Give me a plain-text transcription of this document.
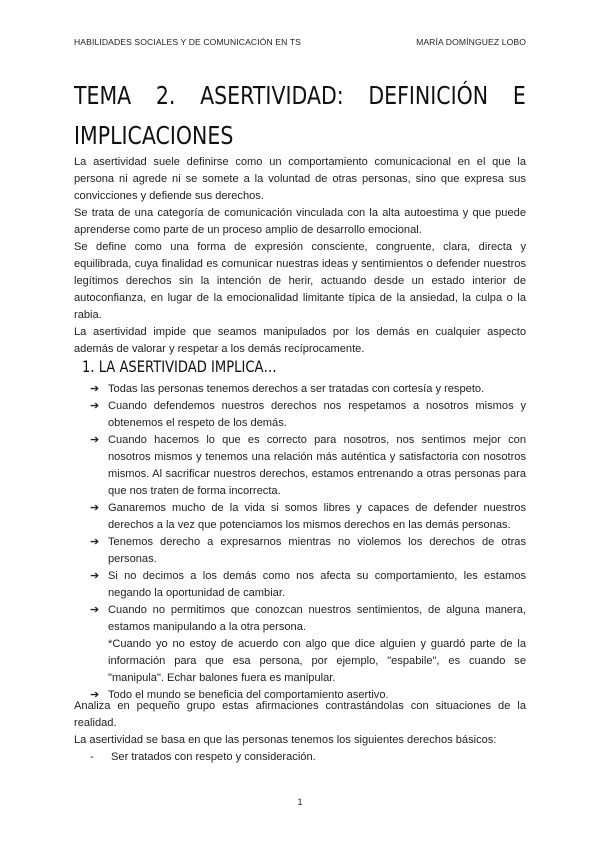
HABILIDADES SOCIALES Y DE COMUNICACIÓN EN TS	MARÍA DOMÍNGUEZ LOBO
TEMA 2. ASERTIVIDAD: DEFINICIÓN E
IMPLICACIONES

La asertividad suele definirse como un comportamiento comunicacional en el que la persona ni agrede ni se somete a la voluntad de otras personas, sino que expresa sus convicciones y defiende sus derechos.

Se trata de una categoría de comunicación vinculada con la alta autoestima y que puede aprenderse como parte de un proceso amplio de desarrollo emocional.

Se define como una forma de expresión consciente, congruente, clara, directa y equilibrada, cuya finalidad es comunicar nuestras ideas y sentimientos o defender nuestros legítimos derechos sin la intención de herir, actuando desde un estado interior de autoconfianza, en lugar de la emocionalidad limitante típica de la ansiedad, la culpa o la rabia.

La asertividad impide que seamos manipulados por los demás en cualquier aspecto además de valorar y respetar a los demás recíprocamente.

1. LA ASERTIVIDAD IMPLICA…
➔ Todas las personas tenemos derechos a ser tratadas con cortesía y respeto.
➔ Cuando defendemos nuestros derechos nos respetamos a nosotros mismos y obtenemos el respeto de los demás.
➔ Cuando hacemos lo que es correcto para nosotros, nos sentimos mejor con nosotros mismos y tenemos una relación más auténtica y satisfactoria con nosotros mismos. Al sacrificar nuestros derechos, estamos entrenando a otras personas para que nos traten de forma incorrecta.
➔ Ganaremos mucho de la vida si somos libres y capaces de defender nuestros derechos a la vez que potenciamos los mismos derechos en las demás personas.
➔ Tenemos derecho a expresarnos mientras no violemos los derechos de otras personas.
➔ Si no decimos a los demás como nos afecta su comportamiento, les estamos negando la oportunidad de cambiar.
➔ Cuando no permitimos que conozcan nuestros sentimientos, de alguna manera, estamos manipulando a la otra persona.
*Cuando yo no estoy de acuerdo con algo que dice alguien y guardó parte de la información para que esa persona, por ejemplo, "espabile", es cuando se "manipula". Echar balones fuera es manipular.
➔ Todo el mundo se beneficia del comportamiento asertivo.

Analiza en pequeño grupo estas afirmaciones contrastándolas con situaciones de la realidad.

La asertividad se basa en que las personas tenemos los siguientes derechos básicos:

-	Ser tratados con respeto y consideración.
1
